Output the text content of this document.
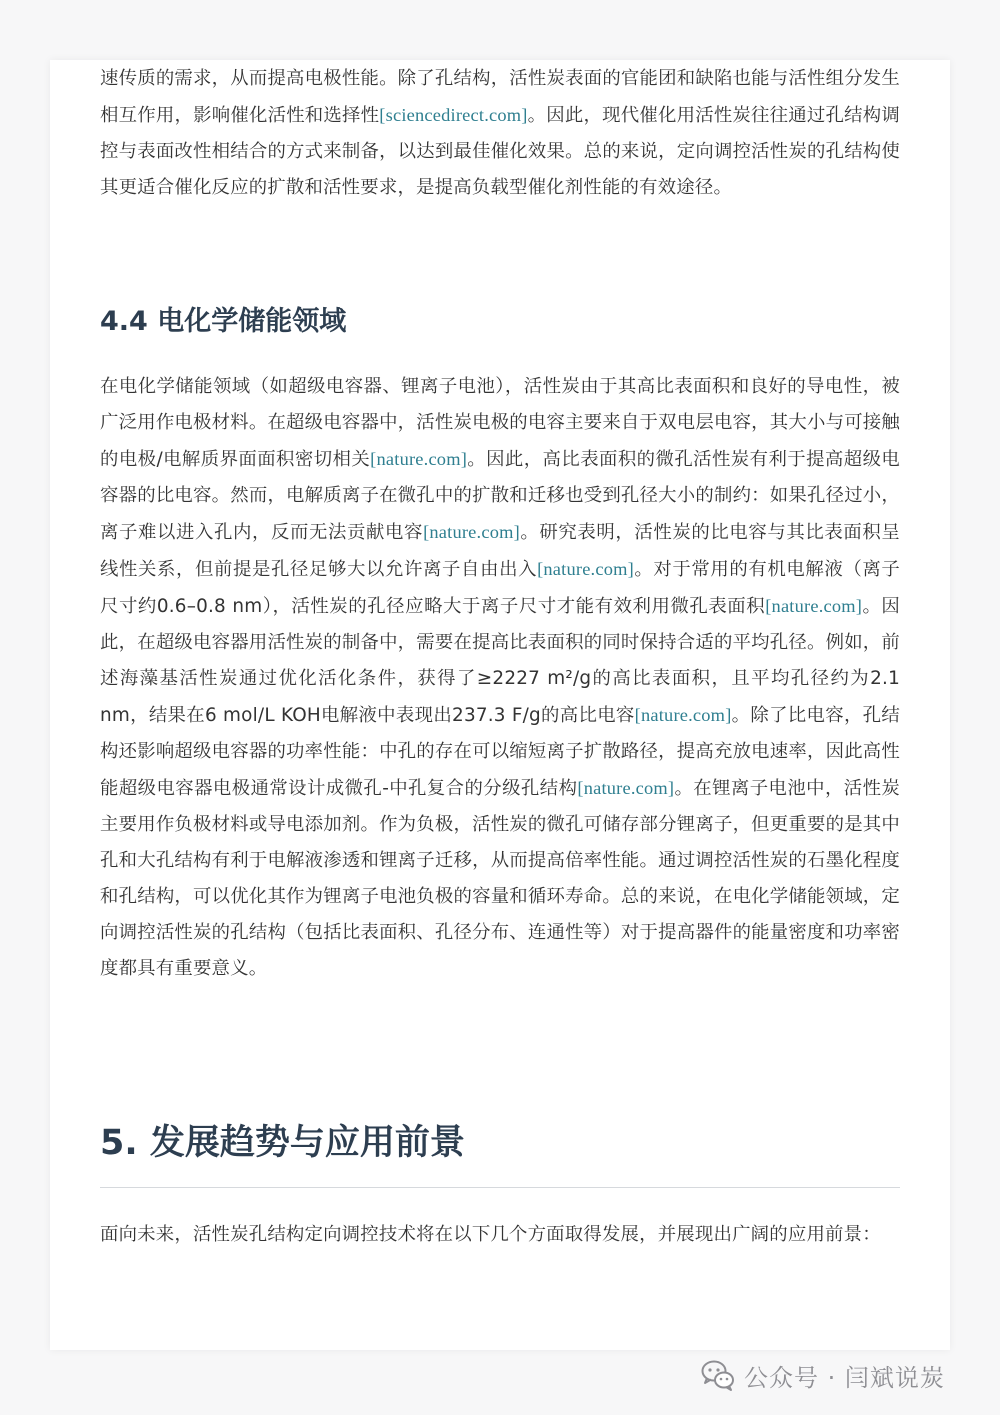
速传质的需求，从而提高电极性能。除了孔结构，活性炭表面的官能团和缺陷也能与活性组分发生相互作用，影响催化活性和选择性[sciencedirect.com]。因此，现代催化用活性炭往往通过孔结构调控与表面改性相结合的方式来制备，以达到最佳催化效果。总的来说，定向调控活性炭的孔结构使其更适合催化反应的扩散和活性要求，是提高负载型催化剂性能的有效途径。

4.4 电化学储能领域

在电化学储能领域（如超级电容器、锂离子电池），活性炭由于其高比表面积和良好的导电性，被广泛用作电极材料。在超级电容器中，活性炭电极的电容主要来自于双电层电容，其大小与可接触的电极/电解质界面面积密切相关[nature.com]。因此，高比表面积的微孔活性炭有利于提高超级电容器的比电容。然而，电解质离子在微孔中的扩散和迁移也受到孔径大小的制约：如果孔径过小，离子难以进入孔内，反而无法贡献电容[nature.com]。研究表明，活性炭的比电容与其比表面积呈线性关系，但前提是孔径足够大以允许离子自由出入[nature.com]。对于常用的有机电解液（离子尺寸约0.6–0.8 nm），活性炭的孔径应略大于离子尺寸才能有效利用微孔表面积[nature.com]。因此，在超级电容器用活性炭的制备中，需要在提高比表面积的同时保持合适的平均孔径。例如，前述海藻基活性炭通过优化活化条件，获得了≥2227 m²/g的高比表面积，且平均孔径约为2.1 nm，结果在6 mol/L KOH电解液中表现出237.3 F/g的高比电容[nature.com]。除了比电容，孔结构还影响超级电容器的功率性能：中孔的存在可以缩短离子扩散路径，提高充放电速率，因此高性能超级电容器电极通常设计成微孔-中孔复合的分级孔结构[nature.com]。在锂离子电池中，活性炭主要用作负极材料或导电添加剂。作为负极，活性炭的微孔可储存部分锂离子，但更重要的是其中孔和大孔结构有利于电解液渗透和锂离子迁移，从而提高倍率性能。通过调控活性炭的石墨化程度和孔结构，可以优化其作为锂离子电池负极的容量和循环寿命。总的来说，在电化学储能领域，定向调控活性炭的孔结构（包括比表面积、孔径分布、连通性等）对于提高器件的能量密度和功率密度都具有重要意义。

5. 发展趋势与应用前景

面向未来，活性炭孔结构定向调控技术将在以下几个方面取得发展，并展现出广阔的应用前景：

公众号 · 闫斌说炭
